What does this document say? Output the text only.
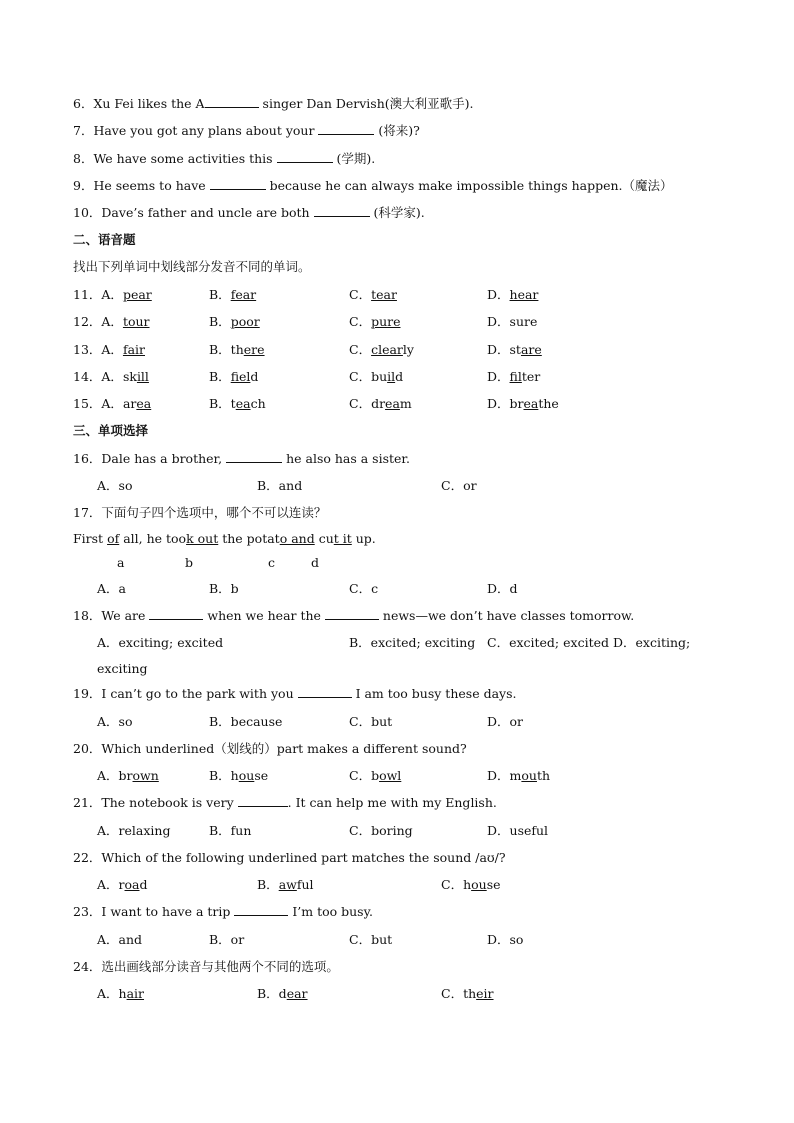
6．Xu Fei likes the A	singer Dan Dervish(澳大利亚歌手).
7．Have you got any plans about your	(将来)?
8．We have some activities this	(学期).
9．He seems to have	because he can always make impossible things happen.（魔法）
10．Dave’s father and uncle are both	(科学家).
二、语音题
找出下列单词中划线部分发音不同的单词。
11．A．pear	B．fear	C．tear	D．hear
12．A．tour	B．poor	C．pure	D．sure
13．A．fair	B．there	C．clearly	D．stare
14．A．skill	B．field	C．build	D．filter
15．A．area	B．teach	C．dream	D．breathe
三、单项选择
16．Dale has a brother,	he also has a sister.
A．so	B．and	C．or
17．下面句子四个选项中，哪个不可以连读？
First of all, he took out the potato and cut it up.
a	b	c	d
A．a	B．b	C．c	D．d
18．We are	when we hear the	news—we don’t have classes tomorrow.
A．exciting; excited	B．excited; exciting C．excited; excited D．exciting;
exciting
19．I can’t go to the park with you	I am too busy these days.
A．so	B．because	C．but	D．or
20．Which underlined（划线的）part makes a different sound?
A．brown	B．house	C．bowl	D．mouth
21．The notebook is very	. It can help me with my English.
A．relaxing	B．fun	C．boring	D．useful
22．Which of the following underlined part matches the sound /aʊ/?
A．road	B．awful	C．house
23．I want to have a trip	I’m too busy.
A．and	B．or	C．but	D．so
24．选出画线部分读音与其他两个不同的选项。
A．hair	B．dear	C．their
